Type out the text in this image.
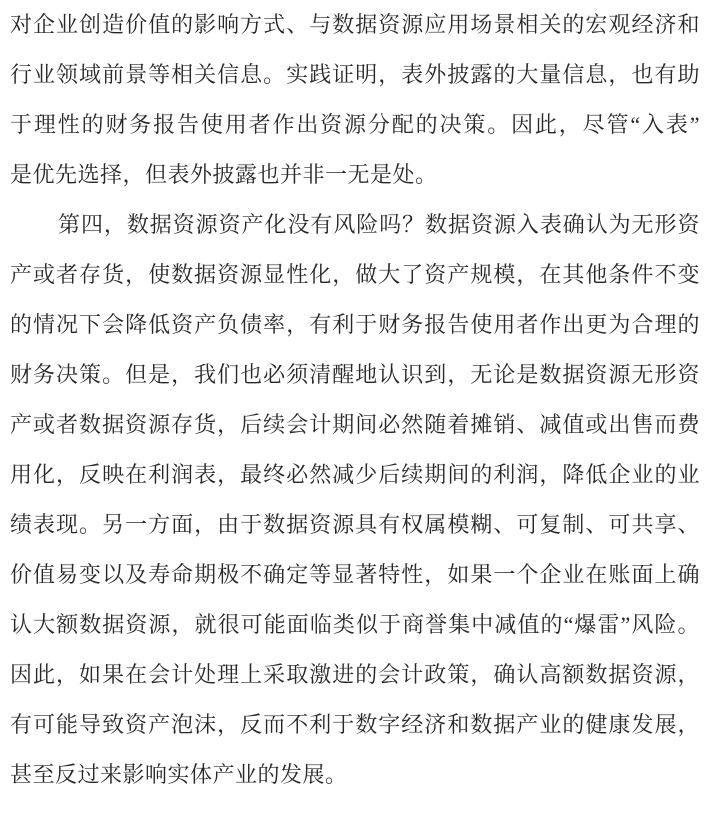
对企业创造价值的影响方式、与数据资源应用场景相关的宏观经济和
行业领域前景等相关信息。实践证明，表外披露的大量信息，也有助
于理性的财务报告使用者作出资源分配的决策。因此，尽管“入表”
是优先选择，但表外披露也并非一无是处。
第四，数据资源资产化没有风险吗？数据资源入表确认为无形资
产或者存货，使数据资源显性化，做大了资产规模，在其他条件不变
的情况下会降低资产负债率，有利于财务报告使用者作出更为合理的
财务决策。但是，我们也必须清醒地认识到，无论是数据资源无形资
产或者数据资源存货，后续会计期间必然随着摊销、减值或出售而费
用化，反映在利润表，最终必然减少后续期间的利润，降低企业的业
绩表现。另一方面，由于数据资源具有权属模糊、可复制、可共享、
价值易变以及寿命期极不确定等显著特性，如果一个企业在账面上确
认大额数据资源，就很可能面临类似于商誉集中减值的“爆雷”风险。
因此，如果在会计处理上采取激进的会计政策，确认高额数据资源，
有可能导致资产泡沫，反而不利于数字经济和数据产业的健康发展，
甚至反过来影响实体产业的发展。
